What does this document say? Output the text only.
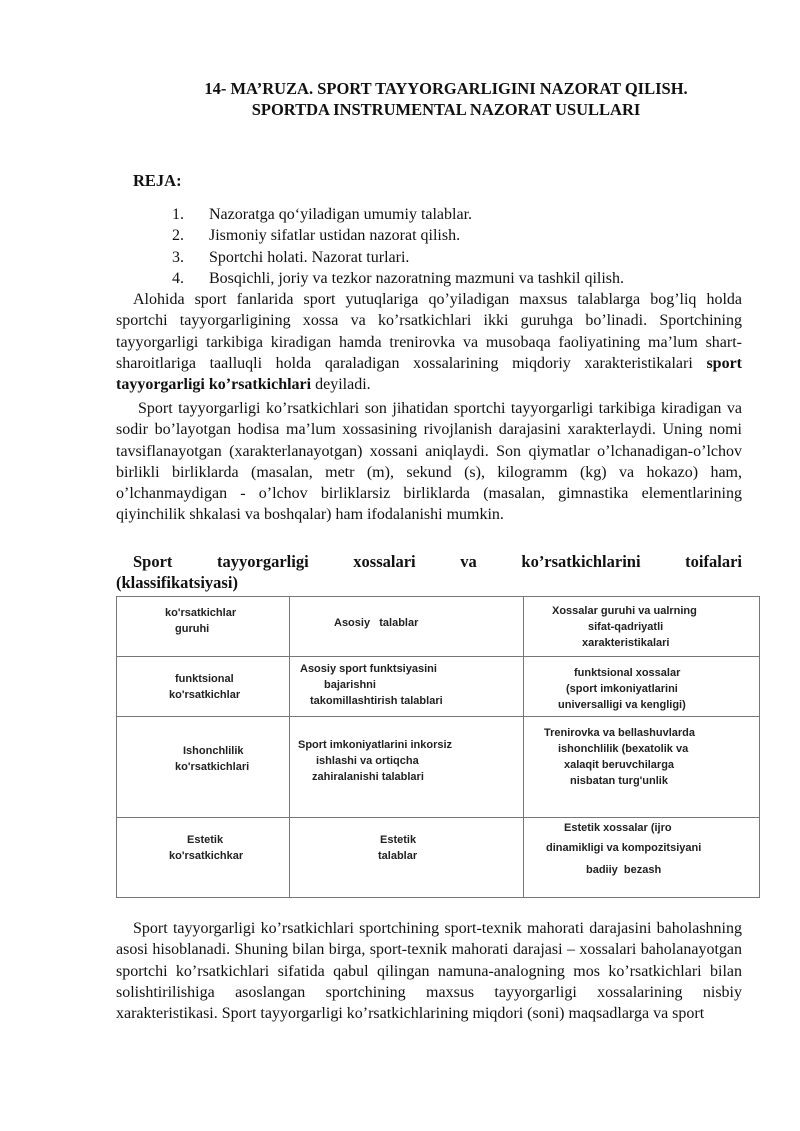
14- MA’RUZA. SPORT TAYYORGARLIGINI NAZORAT QILISH.
SPORTDA INSTRUMENTAL NAZORAT USULLARI
REJA:
1. Nazoratga qo‘yiladigan umumiy talablar.
2. Jismoniy sifatlar ustidan nazorat qilish.
3. Sportchi holati. Nazorat turlari.
4. Bosqichli, joriy va tezkor nazoratning mazmuni va tashkil qilish.

Alohida sport fanlarida sport yutuqlariga qo’yiladigan maxsus talablarga bog’liq holda sportchi tayyorgarligining xossa va ko’rsatkichlari ikki guruhga bo’linadi. Sportchining tayyorgarligi tarkibiga kiradigan hamda trenirovka va musobaqa faoliyatining ma’lum shart-sharoitlariga taalluqli holda qaraladigan xossalarining miqdoriy xarakteristikalari sport tayyorgarligi ko’rsatkichlari deyiladi.

Sport tayyorgarligi ko’rsatkichlari son jihatidan sportchi tayyorgarligi tarkibiga kiradigan va sodir bo’layotgan hodisa ma’lum xossasining rivojlanish darajasini xarakterlaydi. Uning nomi tavsiflanayotgan (xarakterlanayotgan) xossani aniqlaydi. Son qiymatlar o’lchanadigan-o’lchov birlikli birliklarda (masalan, metr (m), sekund (s), kilogramm (kg) va hokazo) ham, o’lchanmaydigan - o’lchov birliklarsiz birliklarda (masalan, gimnastika elementlarining qiyinchilik shkalasi va boshqalar) ham ifodalanishi mumkin.

Sport tayyorgarligi xossalari va ko’rsatkichlarini toifalari
(klassifikatsiyasi)
ko'rsatkichlar
guruhi	Asosiy   talablar	Xossalar guruhi va ualrning
sifat-qadriyatli
xarakteristikalari

funktsional
ko'rsatkichlar	Asosiy sport funktsiyasini
bajarishni
takomillashtirish talablari	funktsional xossalar
(sport imkoniyatlarini
universalligi va kengligi)

Ishonchlilik
ko'rsatkichlari	Sport imkoniyatlarini inkorsiz
ishlashi va ortiqcha
zahiralanishi talablari	Trenirovka va bellashuvlarda
ishonchlilik (bexatolik va
xalaqit beruvchilarga
nisbatan turg'unlik

Estetik
ko'rsatkichkar	Estetik
talablar	Estetik xossalar (ijro
dinamikligi va kompozitsiyani
badiiy  bezash

Sport tayyorgarligi ko’rsatkichlari sportchining sport-texnik mahorati darajasini baholashning asosi hisoblanadi. Shuning bilan birga, sport-texnik mahorati darajasi – xossalari baholanayotgan sportchi ko’rsatkichlari sifatida qabul qilingan namuna-analogning mos ko’rsatkichlari bilan solishtirilishiga asoslangan sportchining maxsus tayyorgarligi xossalarining nisbiy xarakteristikasi. Sport tayyorgarligi ko’rsatkichlarining miqdori (soni) maqsadlarga va sport
